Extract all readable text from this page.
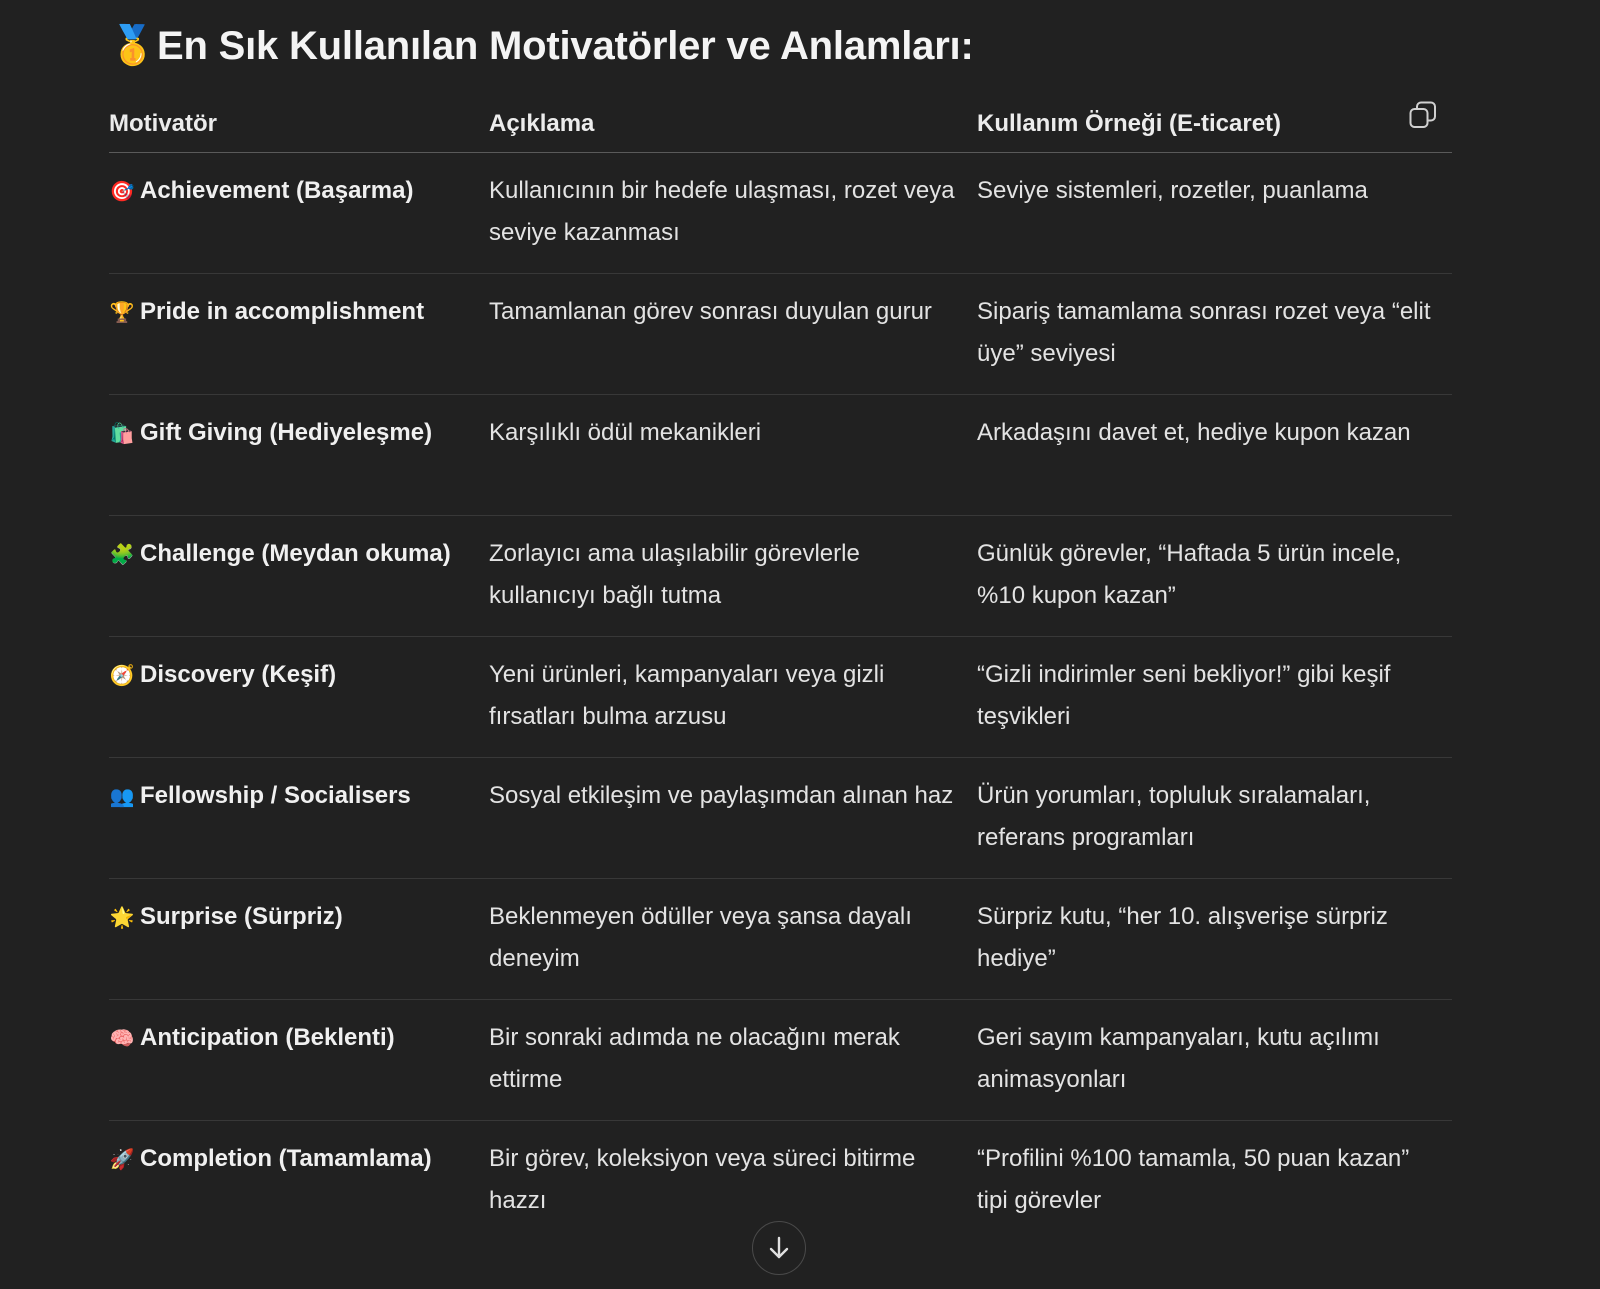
🥇 En Sık Kullanılan Motivatörler ve Anlamları:
Motivatör	Açıklama	Kullanım Örneği (E-ticaret)
🎯 Achievement (Başarma)	Kullanıcının bir hedefe ulaşması, rozet veya seviye kazanması	Seviye sistemleri, rozetler, puanlama
🏆 Pride in accomplishment	Tamamlanan görev sonrası duyulan gurur	Sipariş tamamlama sonrası rozet veya “elit üye” seviyesi
🛍️ Gift Giving (Hediyeleşme)	Karşılıklı ödül mekanikleri	Arkadaşını davet et, hediye kupon kazan
🧩 Challenge (Meydan okuma)	Zorlayıcı ama ulaşılabilir görevlerle kullanıcıyı bağlı tutma	Günlük görevler, “Haftada 5 ürün incele, %10 kupon kazan”
🧭 Discovery (Keşif)	Yeni ürünleri, kampanyaları veya gizli fırsatları bulma arzusu	“Gizli indirimler seni bekliyor!” gibi keşif teşvikleri
👥 Fellowship / Socialisers	Sosyal etkileşim ve paylaşımdan alınan haz	Ürün yorumları, topluluk sıralamaları, referans programları
🌟 Surprise (Sürpriz)	Beklenmeyen ödüller veya şansa dayalı deneyim	Sürpriz kutu, “her 10. alışverişe sürpriz hediye”
🧠 Anticipation (Beklenti)	Bir sonraki adımda ne olacağını merak ettirme	Geri sayım kampanyaları, kutu açılımı animasyonları
🚀 Completion (Tamamlama)	Bir görev, koleksiyon veya süreci bitirme hazzı	“Profilini %100 tamamla, 50 puan kazan” tipi görevler
